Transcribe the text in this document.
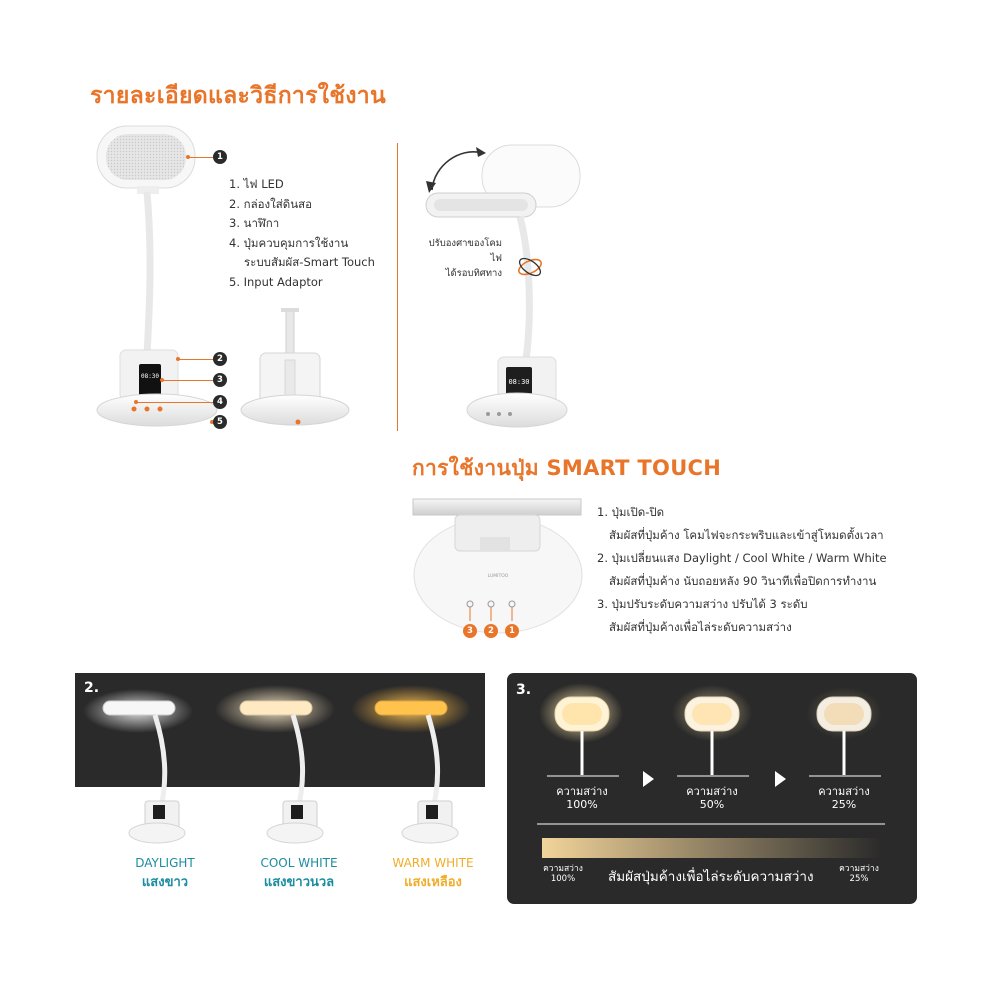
รายละเอียดและวิธีการใช้งาน
08:30
1
2
3
4
5
1. ไฟ LED
2. กล่องใส่ดินสอ
3. นาฬิกา
4. ปุ่มควบคุมการใช้งาน
ระบบสัมผัส-Smart Touch
5. Input Adaptor
08:30
ปรับองศาของโคมไฟ
ได้รอบทิศทาง
การใช้งานปุ่ม SMART TOUCH
LUMITOO
3	2	1
1. ปุ่มเปิด-ปิด
สัมผัสที่ปุ่มค้าง โคมไฟจะกระพริบและเข้าสู่โหมดตั้งเวลา
2. ปุ่มเปลี่ยนแสง Daylight / Cool White / Warm White
สัมผัสที่ปุ่มค้าง นับถอยหลัง 90 วินาทีเพื่อปิดการทำงาน
3. ปุ่มปรับระดับความสว่าง ปรับได้ 3 ระดับ
สัมผัสที่ปุ่มค้างเพื่อไล่ระดับความสว่าง
2.
DAYLIGHT
แสงขาว
COOL WHITE
แสงขาวนวล
WARM WHITE
แสงเหลือง
3.
ความสว่าง
100%
ความสว่าง
50%
ความสว่าง
25%
ความสว่าง
100%	สัมผัสปุ่มค้างเพื่อไล่ระดับความสว่าง	ความสว่าง
25%
